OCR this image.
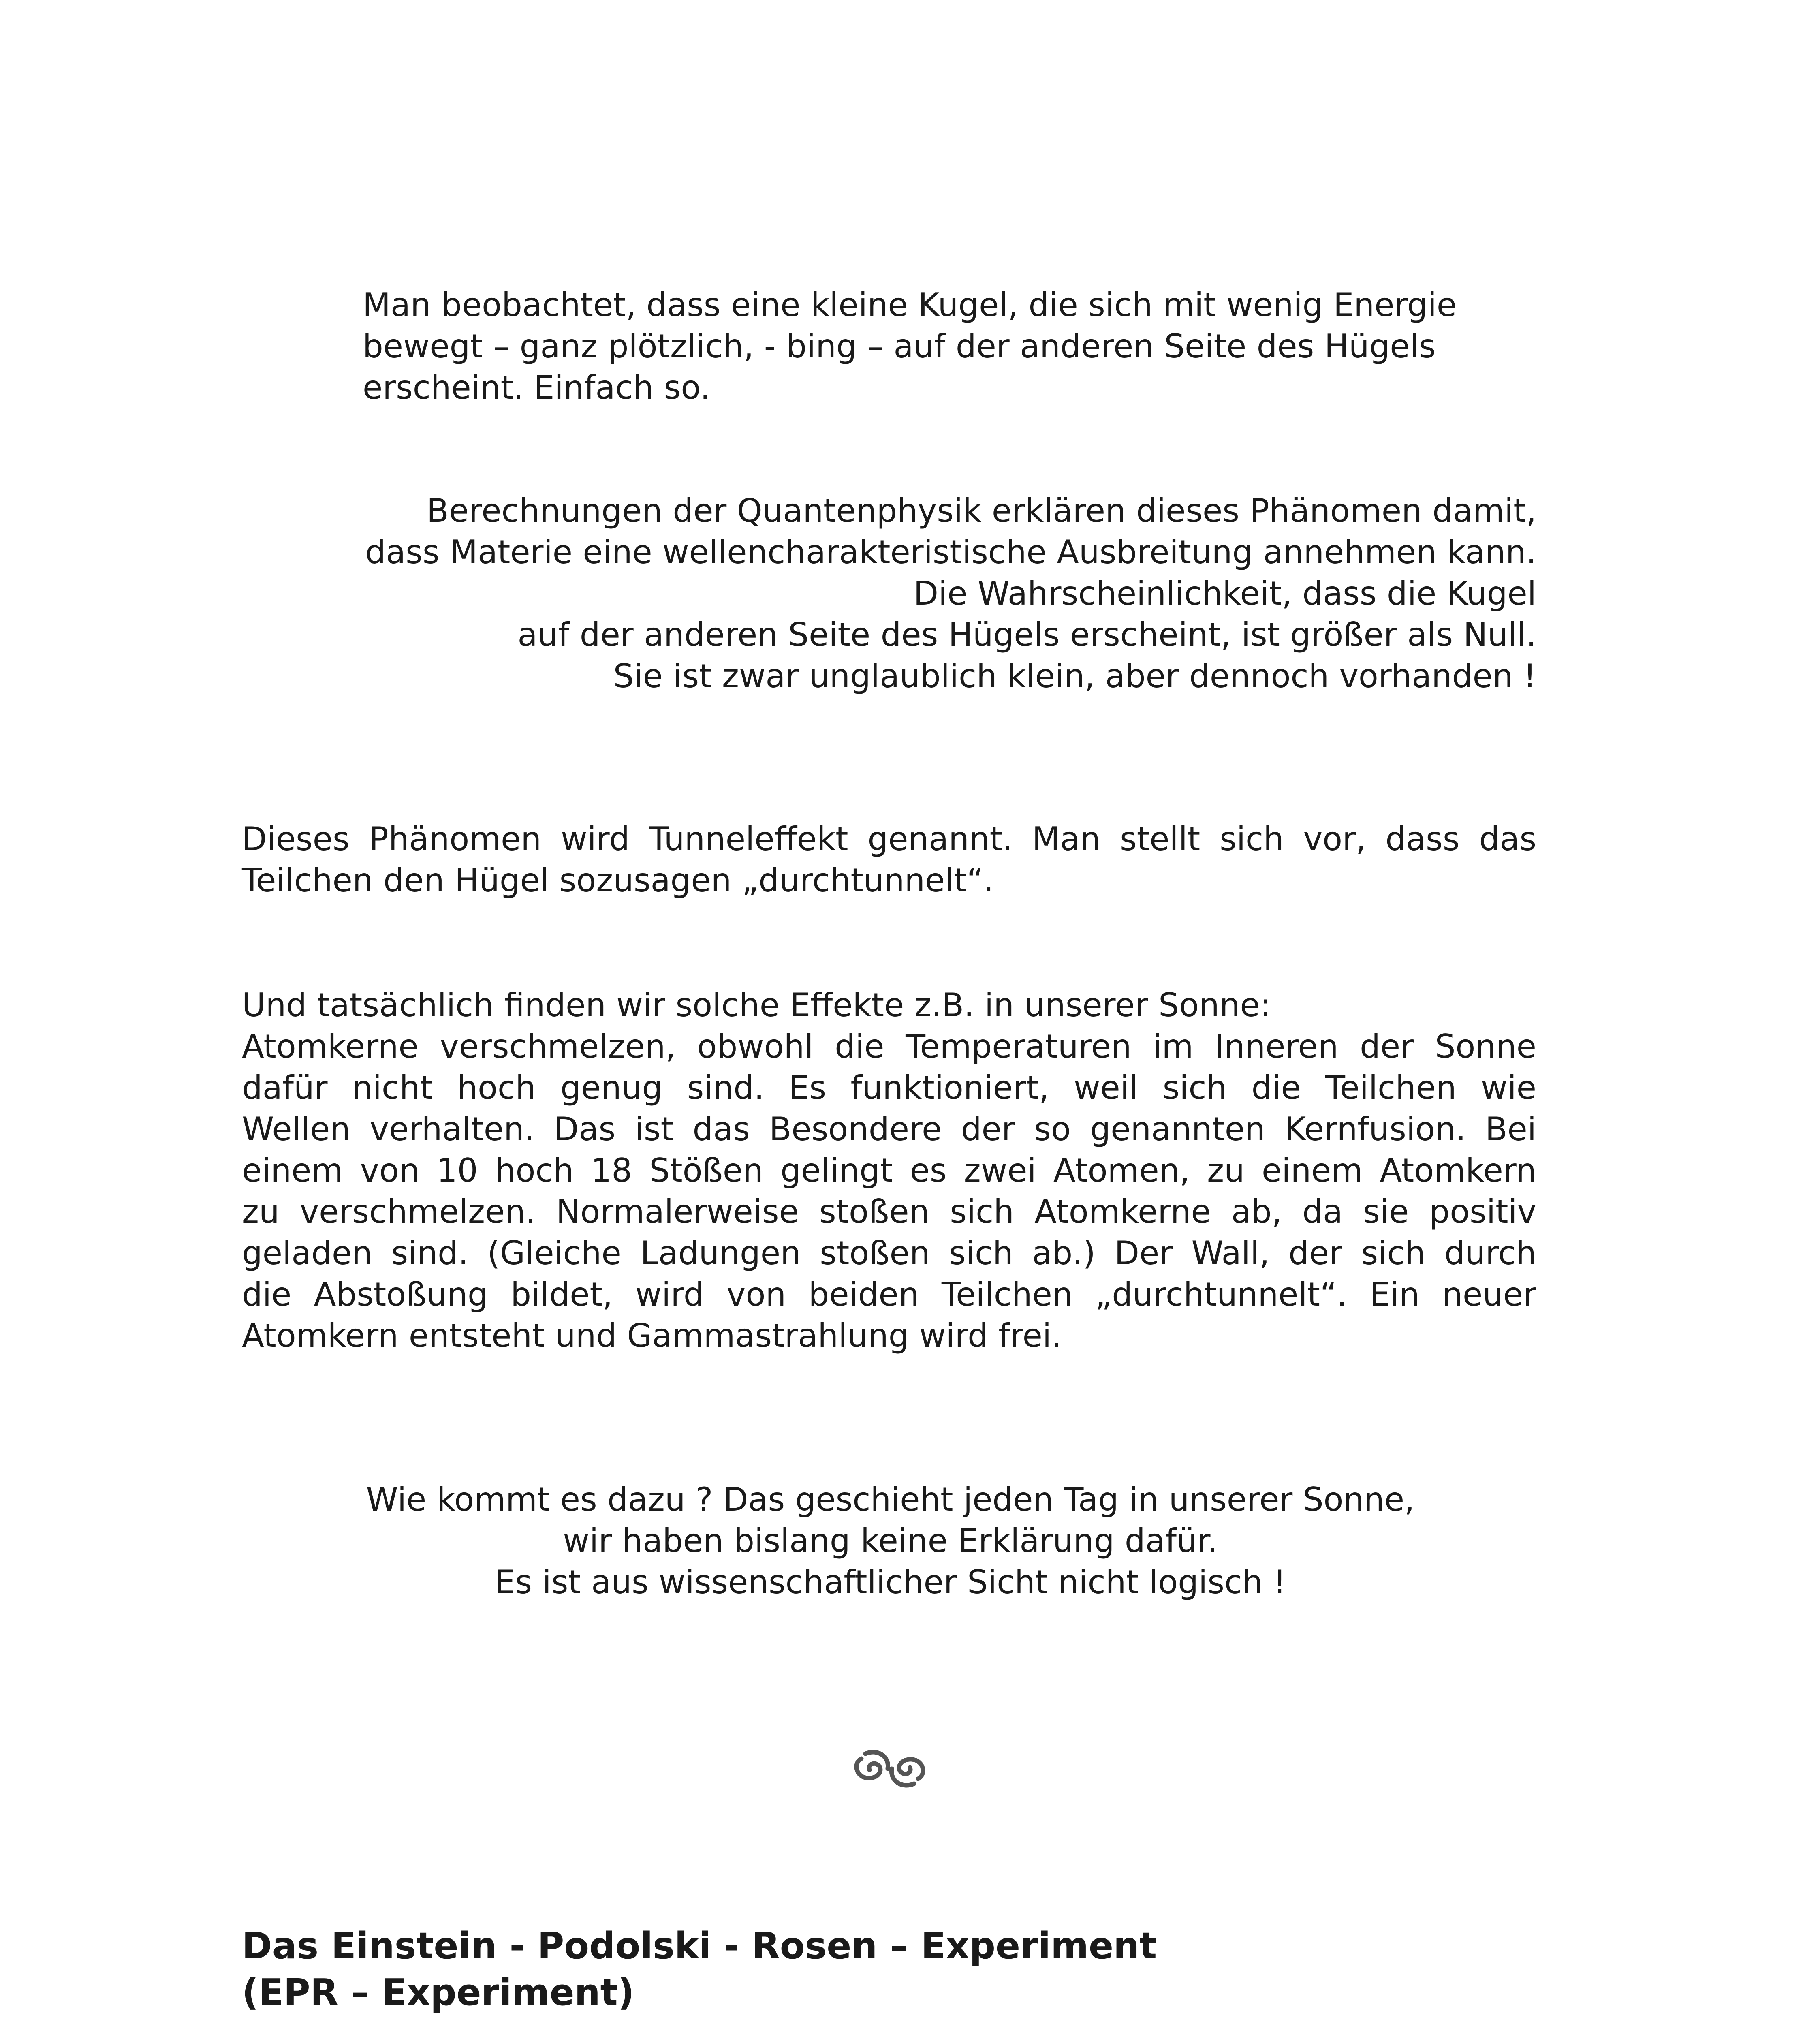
Man beobachtet, dass eine kleine Kugel, die sich mit wenig Energie
bewegt – ganz plötzlich, - bing – auf der anderen Seite des Hügels
erscheint. Einfach so.
Berechnungen der Quantenphysik erklären dieses Phänomen damit,
dass Materie eine wellencharakteristische Ausbreitung annehmen kann.
Die Wahrscheinlichkeit, dass die Kugel
auf der anderen Seite des Hügels erscheint, ist größer als Null.
Sie ist zwar unglaublich klein, aber dennoch vorhanden !
Dieses Phänomen wird Tunneleffekt genannt. Man stellt sich vor, dass das
Teilchen den Hügel sozusagen „durchtunnelt“.
Und tatsächlich finden wir solche Effekte z.B. in unserer Sonne:
Atomkerne verschmelzen, obwohl die Temperaturen im Inneren der Sonne
dafür nicht hoch genug sind. Es funktioniert, weil sich die Teilchen wie
Wellen verhalten. Das ist das Besondere der so genannten Kernfusion. Bei
einem von 10 hoch 18 Stößen gelingt es zwei Atomen, zu einem Atomkern
zu verschmelzen. Normalerweise stoßen sich Atomkerne ab, da sie positiv
geladen sind. (Gleiche Ladungen stoßen sich ab.) Der Wall, der sich durch
die Abstoßung bildet, wird von beiden Teilchen „durchtunnelt“. Ein neuer
Atomkern entsteht und Gammastrahlung wird frei.
Wie kommt es dazu ? Das geschieht jeden Tag in unserer Sonne,
wir haben bislang keine Erklärung dafür.
Es ist aus wissenschaftlicher Sicht nicht logisch !
Das Einstein - Podolski - Rosen – Experiment
(EPR – Experiment)
